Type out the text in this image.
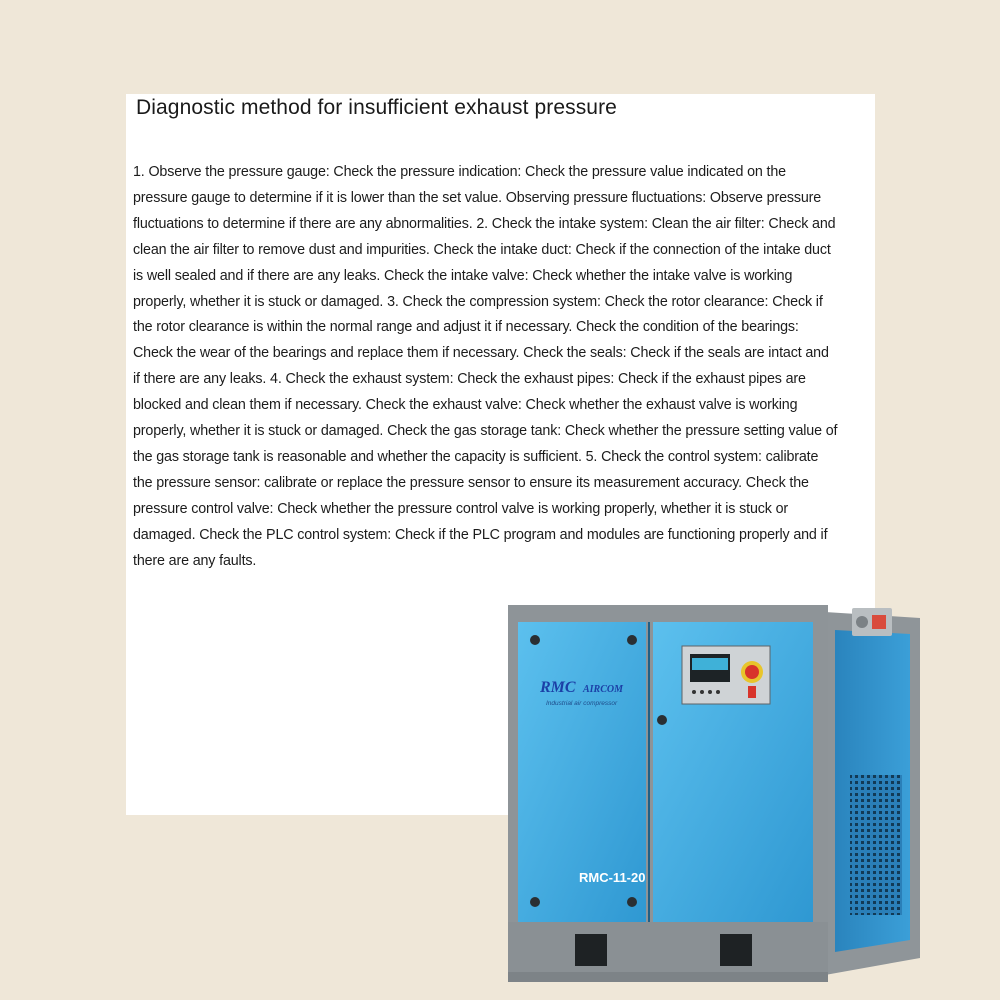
Diagnostic method for insufficient exhaust pressure
1. Observe the pressure gauge: Check the pressure indication: Check the pressure value indicated on the pressure gauge to determine if it is lower than the set value. Observing pressure fluctuations: Observe pressure fluctuations to determine if there are any abnormalities. 2. Check the intake system: Clean the air filter: Check and clean the air filter to remove dust and impurities. Check the intake duct: Check if the connection of the intake duct is well sealed and if there are any leaks. Check the intake valve: Check whether the intake valve is working properly, whether it is stuck or damaged. 3. Check the compression system: Check the rotor clearance: Check if the rotor clearance is within the normal range and adjust it if necessary. Check the condition of the bearings: Check the wear of the bearings and replace them if necessary. Check the seals: Check if the seals are intact and if there are any leaks. 4. Check the exhaust system: Check the exhaust pipes: Check if the exhaust pipes are blocked and clean them if necessary. Check the exhaust valve: Check whether the exhaust valve is working properly, whether it is stuck or damaged. Check the gas storage tank: Check whether the pressure setting value of the gas storage tank is reasonable and whether the capacity is sufficient. 5. Check the control system: calibrate the pressure sensor: calibrate or replace the pressure sensor to ensure its measurement accuracy. Check the pressure control valve: Check whether the pressure control valve is working properly, whether it is stuck or damaged. Check the PLC control system: Check if the PLC program and modules are functioning properly and if there are any faults.
RMC AIRCOM
Industrial air compressor
RMC-11-20
